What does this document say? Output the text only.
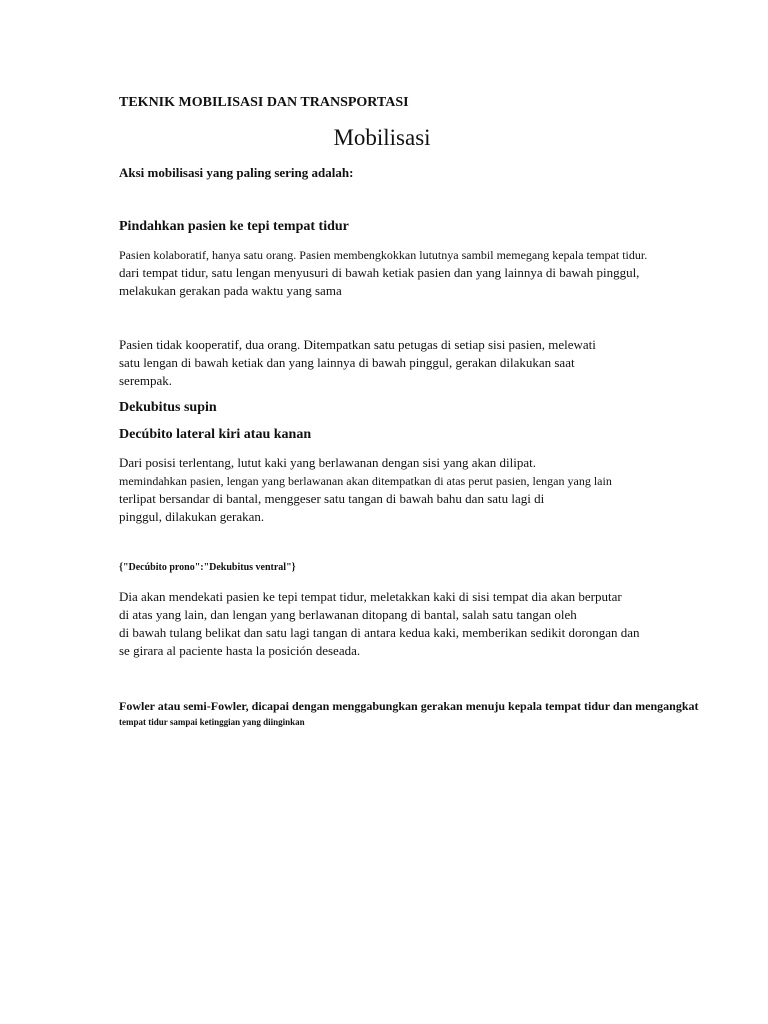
TEKNIK MOBILISASI DAN TRANSPORTASI

Mobilisasi

Aksi mobilisasi yang paling sering adalah:

Pindahkan pasien ke tepi tempat tidur

Pasien kolaboratif, hanya satu orang. Pasien membengkokkan lututnya sambil memegang kepala tempat tidur.
dari tempat tidur, satu lengan menyusuri di bawah ketiak pasien dan yang lainnya di bawah pinggul,
melakukan gerakan pada waktu yang sama
Pasien tidak kooperatif, dua orang. Ditempatkan satu petugas di setiap sisi pasien, melewati
satu lengan di bawah ketiak dan yang lainnya di bawah pinggul, gerakan dilakukan saat
serempak.

Dekubitus supin

Decúbito lateral kiri atau kanan

Dari posisi terlentang, lutut kaki yang berlawanan dengan sisi yang akan dilipat.
memindahkan pasien, lengan yang berlawanan akan ditempatkan di atas perut pasien, lengan yang lain
terlipat bersandar di bantal, menggeser satu tangan di bawah bahu dan satu lagi di
pinggul, dilakukan gerakan.

{"Decúbito prono":"Dekubitus ventral"}

Dia akan mendekati pasien ke tepi tempat tidur, meletakkan kaki di sisi tempat dia akan berputar
di atas yang lain, dan lengan yang berlawanan ditopang di bantal, salah satu tangan oleh
di bawah tulang belikat dan satu lagi tangan di antara kedua kaki, memberikan sedikit dorongan dan
se girara al paciente hasta la posición deseada.
Fowler atau semi-Fowler, dicapai dengan menggabungkan gerakan menuju kepala tempat tidur dan mengangkat
tempat tidur sampai ketinggian yang diinginkan
